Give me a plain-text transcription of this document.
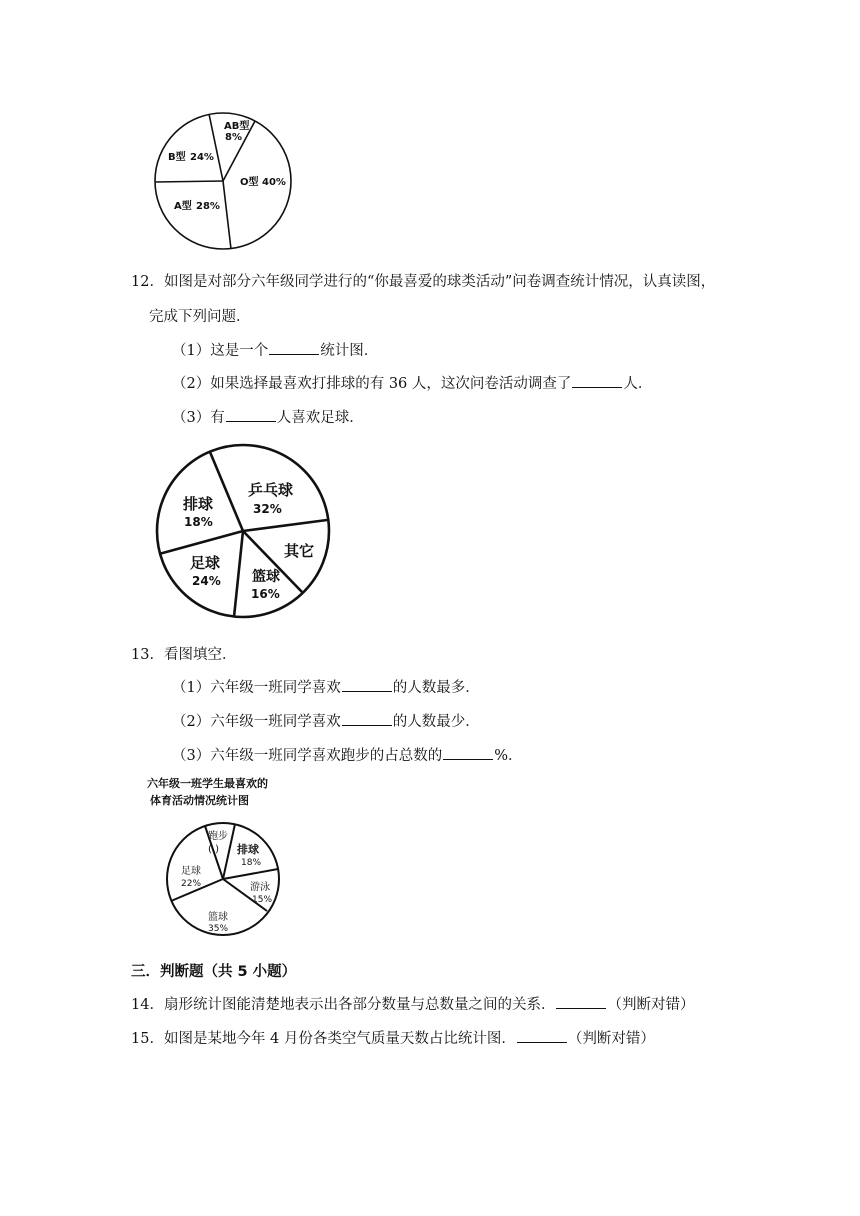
AB型
8%
O型 40%
A型 28%
B型 24%
12．如图是对部分六年级同学进行的“你最喜爱的球类活动”问卷调查统计情况，认真读图，
完成下列问题．
（1）这是一个	统计图．
（2）如果选择最喜欢打排球的有 36 人，这次问卷活动调查了	人．
（3）有	人喜欢足球．
乒乓球
32%
其它
篮球
16%
足球
24%
排球
18%
13．看图填空．
（1）六年级一班同学喜欢	的人数最多．
（2）六年级一班同学喜欢	的人数最少．
（3）六年级一班同学喜欢跑步的占总数的	%．
六年级一班学生最喜欢的
体育活动情况统计图
跑步
( ) 排球
18%
游泳
15%
篮球
35%
足球
22%
三．判断题（共 5 小题）
14．扇形统计图能清楚地表示出各部分数量与总数量之间的关系．	（判断对错）
15．如图是某地今年 4 月份各类空气质量天数占比统计图．	（判断对错）
